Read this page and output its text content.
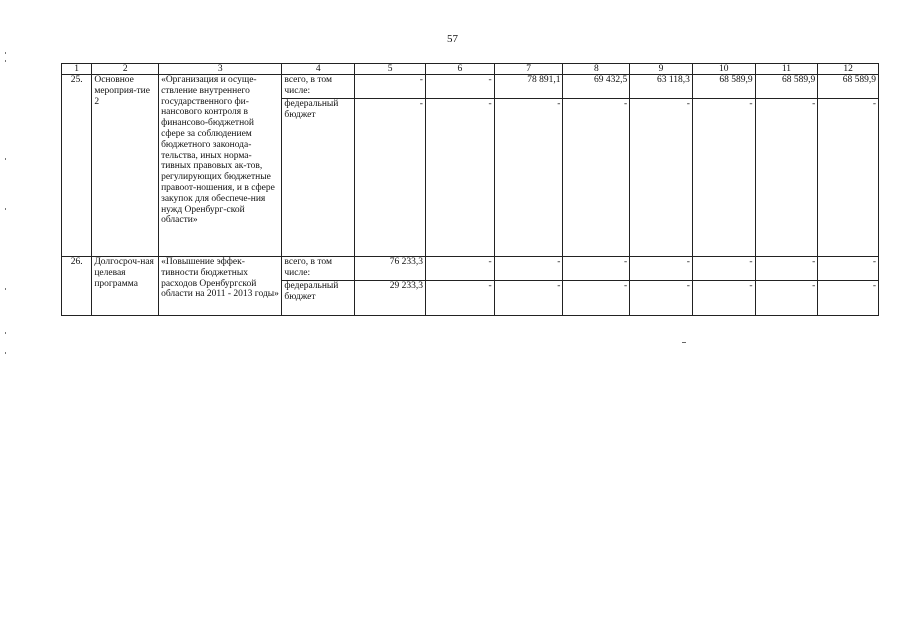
57
1	2	3	4	5	6	7	8	9	10	11	12
25.	Основное мероприя-тие 2	«Организация и осуще-ствление внутреннего государственного фи-нансового контроля в финансово-бюджетной сфере за соблюдением бюджетного законода-тельства, иных норма-тивных правовых ак-тов, регулирующих бюджетные правоот-ношения, и в сфере закупок для обеспече-ния нужд Оренбург-ской области»	всего, в том числе:	-	-	78 891,1	69 432,5	63 118,3	68 589,9	68 589,9	68 589,9
			федеральный бюджет	-	-	-	-	-	-	-	-
26.	Долгосроч-ная целевая программа	«Повышение эффек-тивности бюджетных расходов Оренбургской области на 2011 - 2013 годы»	всего, в том числе:	76 233,3	-	-	-	-	-	-	-
			федеральный бюджет	29 233,3	-	-	-	-	-	-	-
